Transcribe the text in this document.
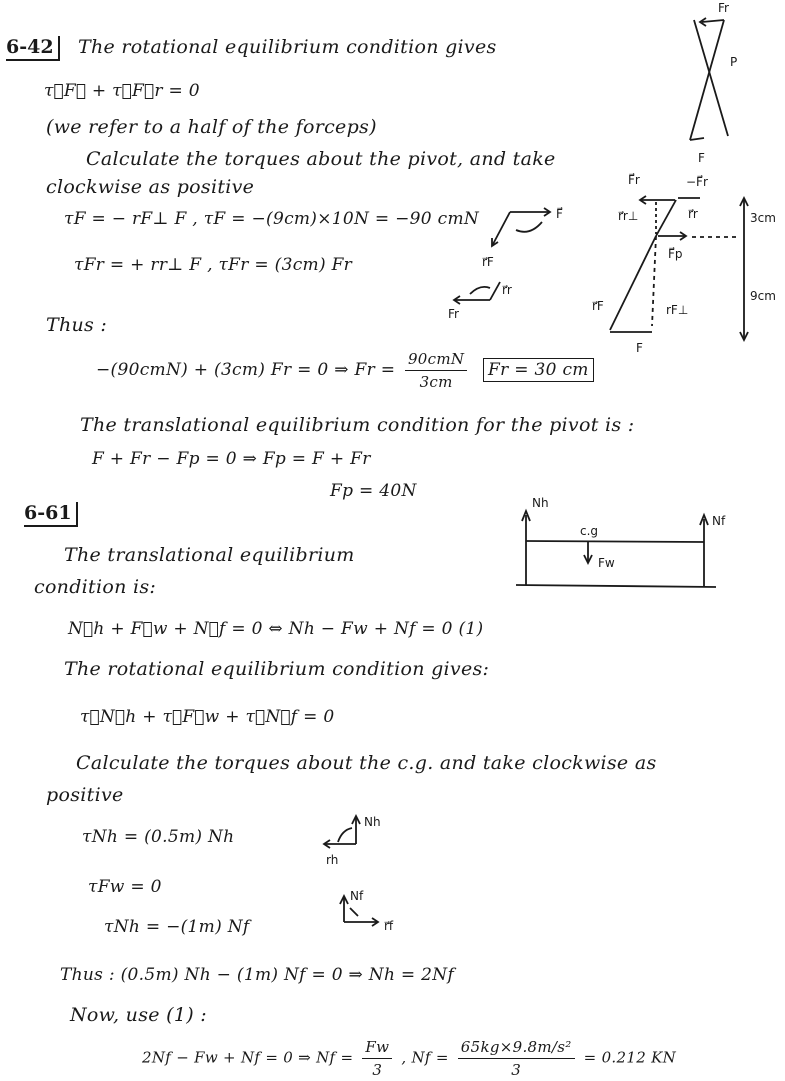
6-42	The rotational equilibrium condition gives
τ⃗F⃗ + τ⃗F⃗r = 0
(we refer to a half of the forceps)
Calculate the torques about the pivot, and take
clockwise as positive
τF = − rF⊥ F , τF = −(9cm)×10N = −90 cmN
τFr = + rr⊥ F , τFr = (3cm) Fr
Thus :
−(90cmN) + (3cm) Fr = 0 ⇒ $Fr = \frac{\text{90cmN}}{3cm}$ Fr = 30 cm
The translational equilibrium condition for the pivot is :
F + Fr − Fp = 0 ⇒ Fp = F + Fr
Fp = 40N
Fr
P
F
F⃗r	−F⃗r
r⃗r⊥	r⃗r
F⃗p
r⃗F	rF⊥
F
3cm
9cm
F⃗
r⃗F
r⃗r
Fr
6-61
The translational equilibrium
condition is:
N⃗h + F⃗w + N⃗f = 0 ⇔ Nh − Fw + Nf = 0 (1)
The rotational equilibrium condition gives:
τ⃗N⃗h + τ⃗F⃗w + τ⃗N⃗f = 0
Calculate the torques about the c.g. and take clockwise as
positive
τNh = (0.5m) Nh
τFw = 0
τNh = −(1m) Nf
Thus : (0.5m) Nh − (1m) Nf = 0 ⇒ Nh = 2Nf
Now, use (1) :
2Nf − Fw + Nf = 0 ⇒ $Nf = \frac{Fw}{3}$ , $Nf = \frac{\text{65kg×9.8m/s²}}{3} = 0.212$ KN
Nh
Nf
c.g
Fw
Nh
rh
Nf
r⃗f
